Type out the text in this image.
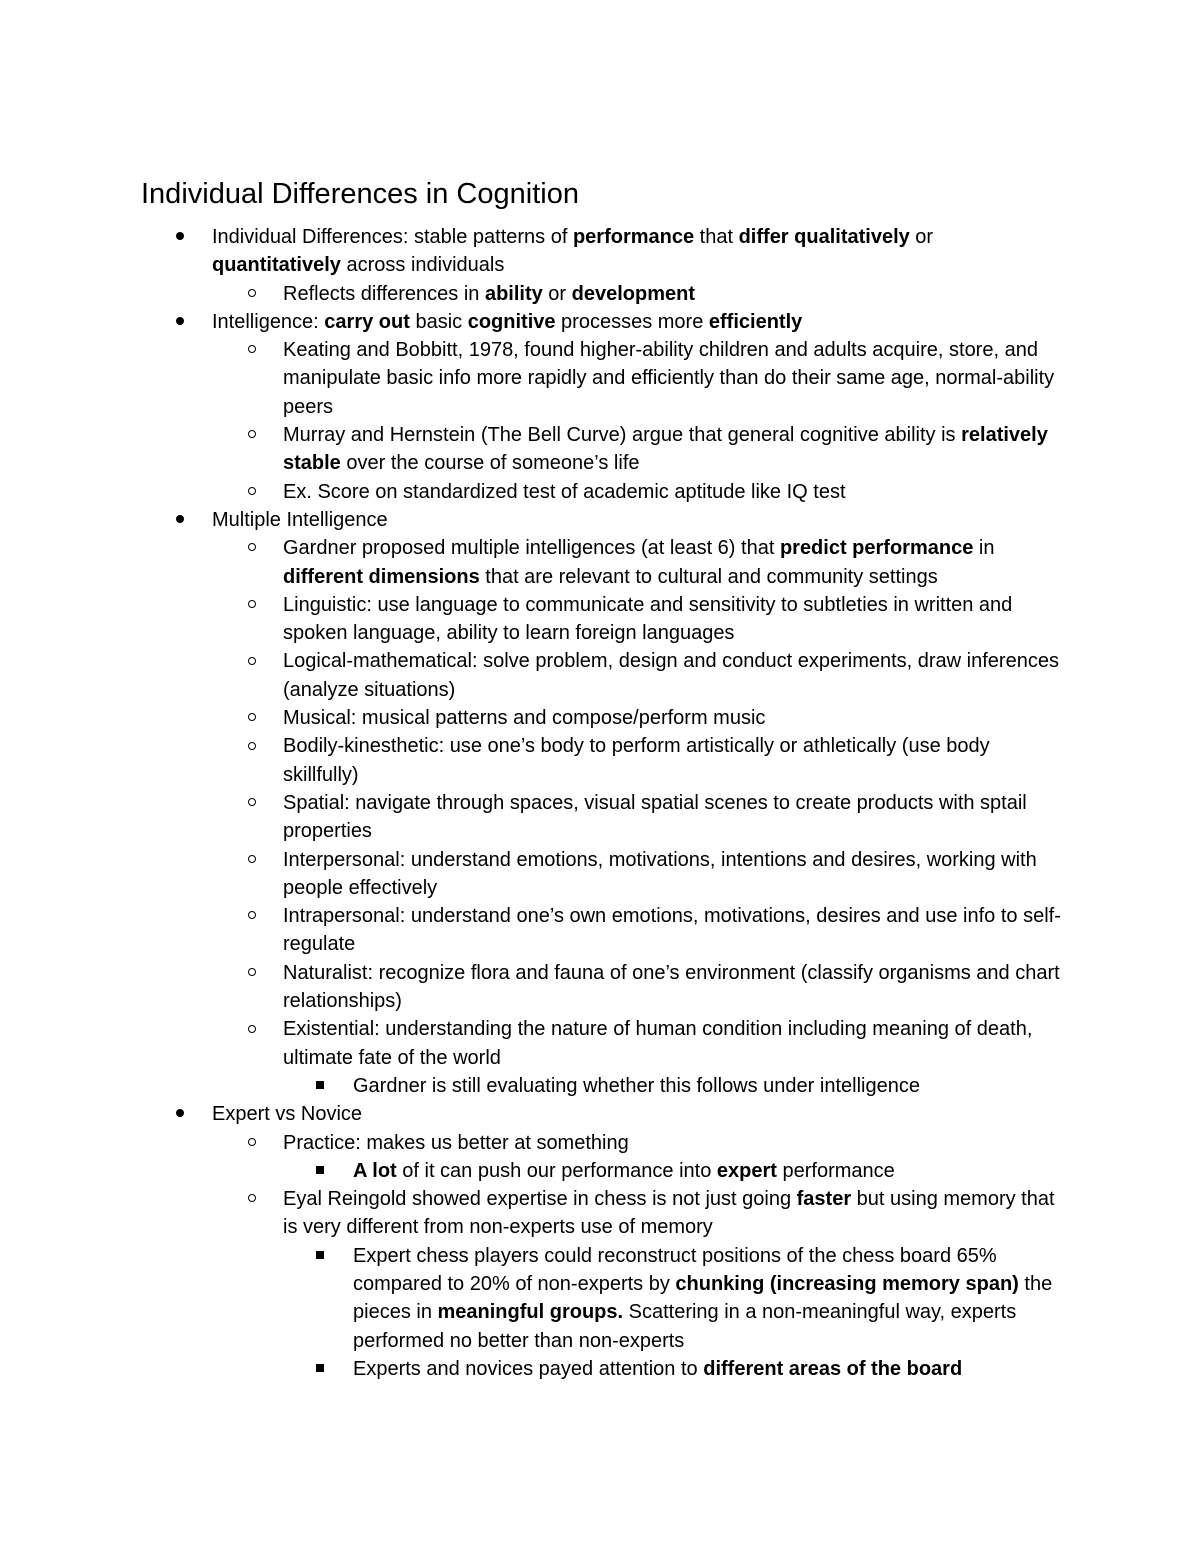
Individual Differences in Cognition
Individual Differences: stable patterns of performance that differ qualitatively or quantitatively across individuals
Reflects differences in ability or development
Intelligence: carry out basic cognitive processes more efficiently
Keating and Bobbitt, 1978, found higher-ability children and adults acquire, store, and manipulate basic info more rapidly and efficiently than do their same age, normal-ability peers
Murray and Hernstein (The Bell Curve) argue that general cognitive ability is relatively stable over the course of someone’s life
Ex. Score on standardized test of academic aptitude like IQ test
Multiple Intelligence
Gardner proposed multiple intelligences (at least 6) that predict performance in different dimensions that are relevant to cultural and community settings
Linguistic: use language to communicate and sensitivity to subtleties in written and spoken language, ability to learn foreign languages
Logical-mathematical: solve problem, design and conduct experiments, draw inferences (analyze situations)
Musical: musical patterns and compose/perform music
Bodily-kinesthetic: use one’s body to perform artistically or athletically (use body skillfully)
Spatial: navigate through spaces, visual spatial scenes to create products with sptail properties
Interpersonal: understand emotions, motivations, intentions and desires, working with people effectively
Intrapersonal: understand one’s own emotions, motivations, desires and use info to self-regulate
Naturalist: recognize flora and fauna of one’s environment (classify organisms and chart relationships)
Existential: understanding the nature of human condition including meaning of death, ultimate fate of the world
Gardner is still evaluating whether this follows under intelligence
Expert vs Novice
Practice: makes us better at something
A lot of it can push our performance into expert performance
Eyal Reingold showed expertise in chess is not just going faster but using memory that is very different from non-experts use of memory
Expert chess players could reconstruct positions of the chess board 65% compared to 20% of non-experts by chunking (increasing memory span) the pieces in meaningful groups. Scattering in a non-meaningful way, experts performed no better than non-experts
Experts and novices payed attention to different areas of the board
